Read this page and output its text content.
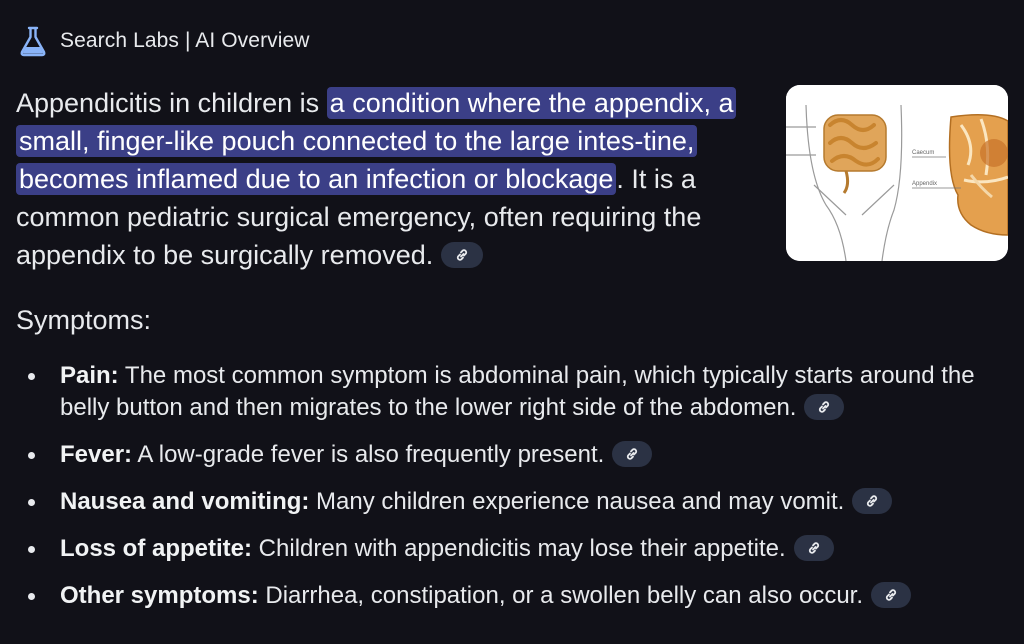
Search Labs | AI Overview

Appendicitis in children is a condition where the appendix, a small, finger-like pouch connected to the large intes-tine, becomes inflamed due to an infection or blockage . It is a common pediatric surgical emergency, often requiring the appendix to be surgically removed.

Caecum
Appendix
Symptoms:
Pain: The most common symptom is abdominal pain, which typically starts around the belly button and then migrates to the lower right side of the abdomen.
Fever: A low-grade fever is also frequently present.
Nausea and vomiting: Many children experience nausea and may vomit.
Loss of appetite: Children with appendicitis may lose their appetite.
Other symptoms: Diarrhea, constipation, or a swollen belly can also occur.
